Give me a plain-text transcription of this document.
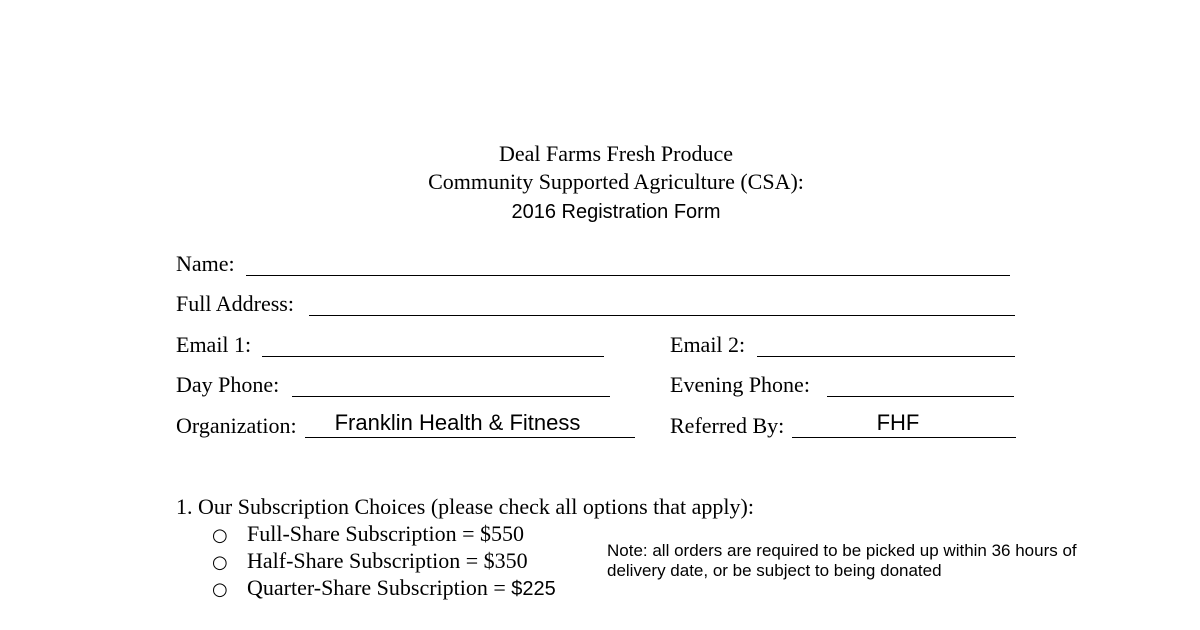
Deal Farms Fresh Produce
Community Supported Agriculture (CSA):
2016 Registration Form
Name:
Full Address:
Email 1:	Email 2:
Day Phone:	Evening Phone:
Organization:	Franklin Health & Fitness	Referred By:	FHF
1. Our Subscription Choices (please check all options that apply):
○ Full-Share Subscription = $550
○ Half-Share Subscription = $350
○ Quarter-Share Subscription = $225
Note: all orders are required to be picked up within 36 hours of delivery date, or be subject to being donated
